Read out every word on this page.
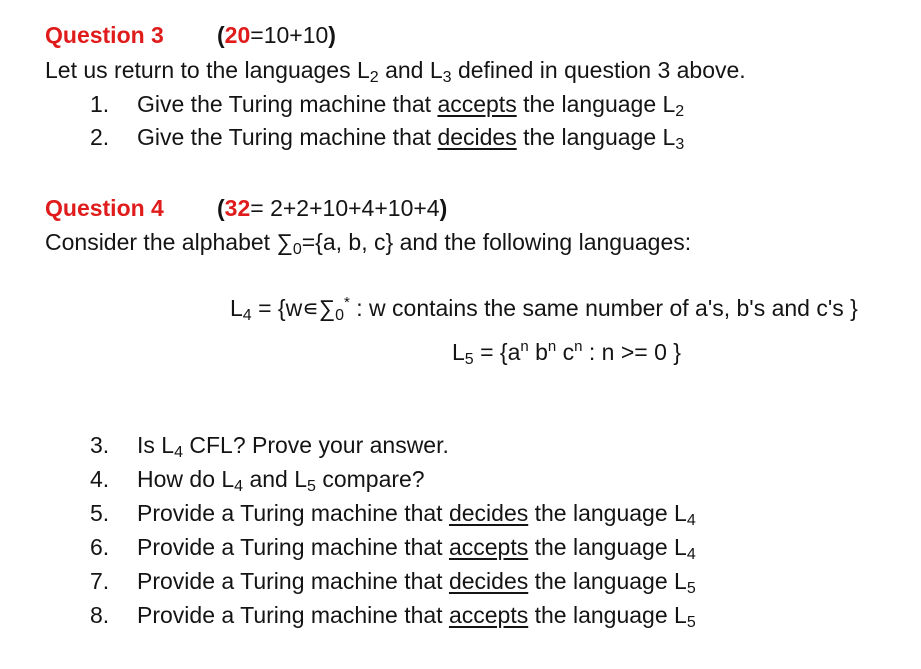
Question 3 (20=10+10)
Let us return to the languages $L_2$ and $L_3$ defined in question 3 above.
1. Give the Turing machine that accepts the language $L_2$
2. Give the Turing machine that decides the language $L_3$
Question 4 (32= 2+2+10+4+10+4)
Consider the alphabet $\sum_0=\{a$, b, c} and the following languages:
$L_4$ = {$w∊\sum_0^*$ : w contains the same number of a's, b's and c's }
$L_5 = \{a^n$ $b^n$ $c^n$ : n >= 0 }
3. Is $L_4$ CFL? Prove your answer.
4. How do $L_4$ and $L_5$ compare?
5. Provide a Turing machine that decides the language $L_4$
6. Provide a Turing machine that accepts the language $L_4$
7. Provide a Turing machine that decides the language $L_5$
8. Provide a Turing machine that accepts the language $L_5$
